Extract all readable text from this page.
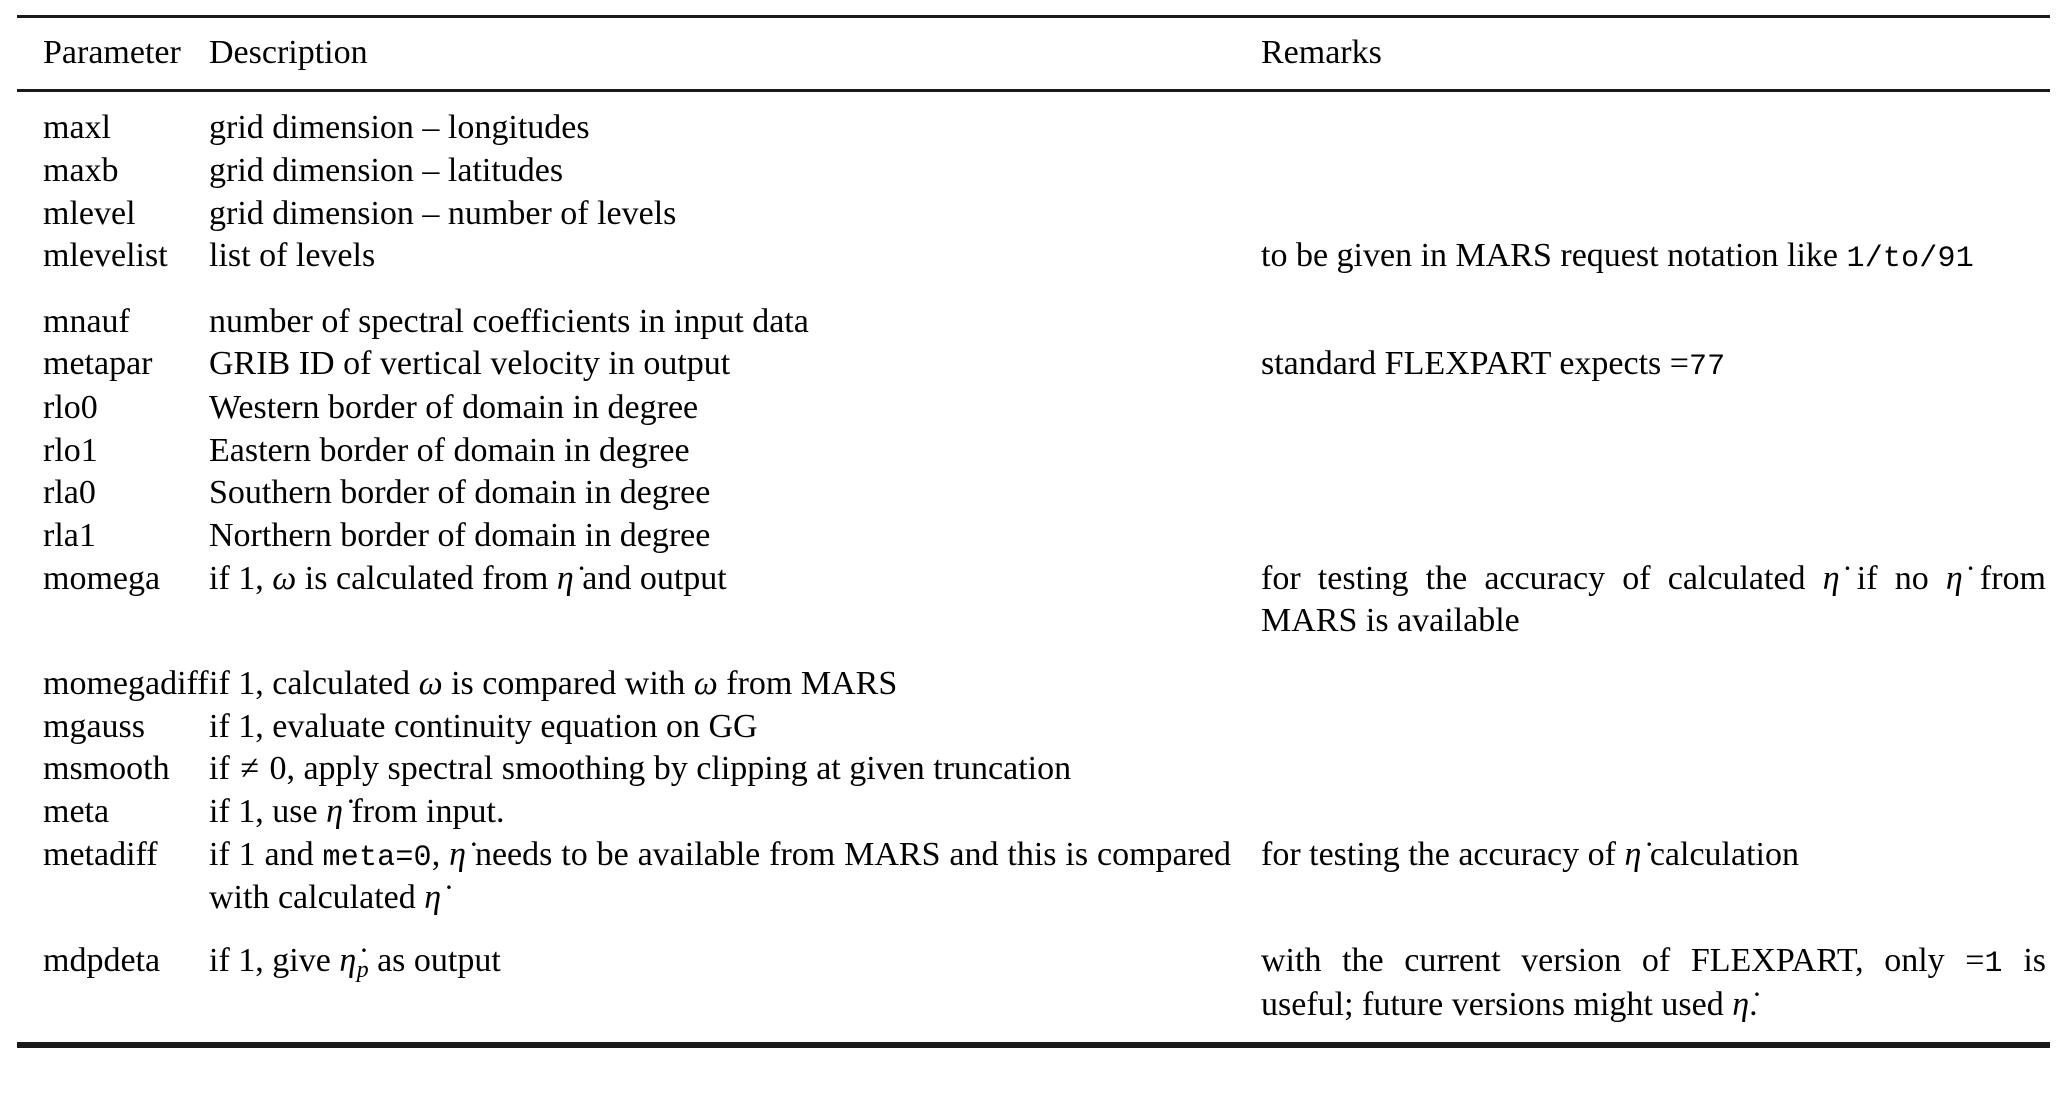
Parameter	Description	Remarks
maxl	grid dimension – longitudes	
maxb	grid dimension – latitudes	
mlevel	grid dimension – number of levels	
mlevelist	list of levels	to be given in MARS request notation like 1/to/91

mnauf	number of spectral coefficients in input data	
metapar	GRIB ID of vertical velocity in output	standard FLEXPART expects =77
rlo0	Western border of domain in degree	
rlo1	Eastern border of domain in degree	
rla0	Southern border of domain in degree	
rla1	Northern border of domain in degree	
momega	if 1, ω is calculated from η̇ and output	for testing the accuracy of calculated η̇ if no η̇ from MARS is available

momegadiff	if 1, calculated ω is compared with ω from MARS	
mgauss	if 1, evaluate continuity equation on GG	
msmooth	if ≠ 0, apply spectral smoothing by clipping at given truncation	
meta	if 1, use η̇ from input.	
metadiff	if 1 and meta=0, η̇ needs to be available from MARS and this is compared with calculated η̇	for testing the accuracy of η̇ calculation

mdpdeta	if 1, give $\etȧ_p$ as output	with the current version of FLEXPART, only =1 is useful; future versions might used η̇.
